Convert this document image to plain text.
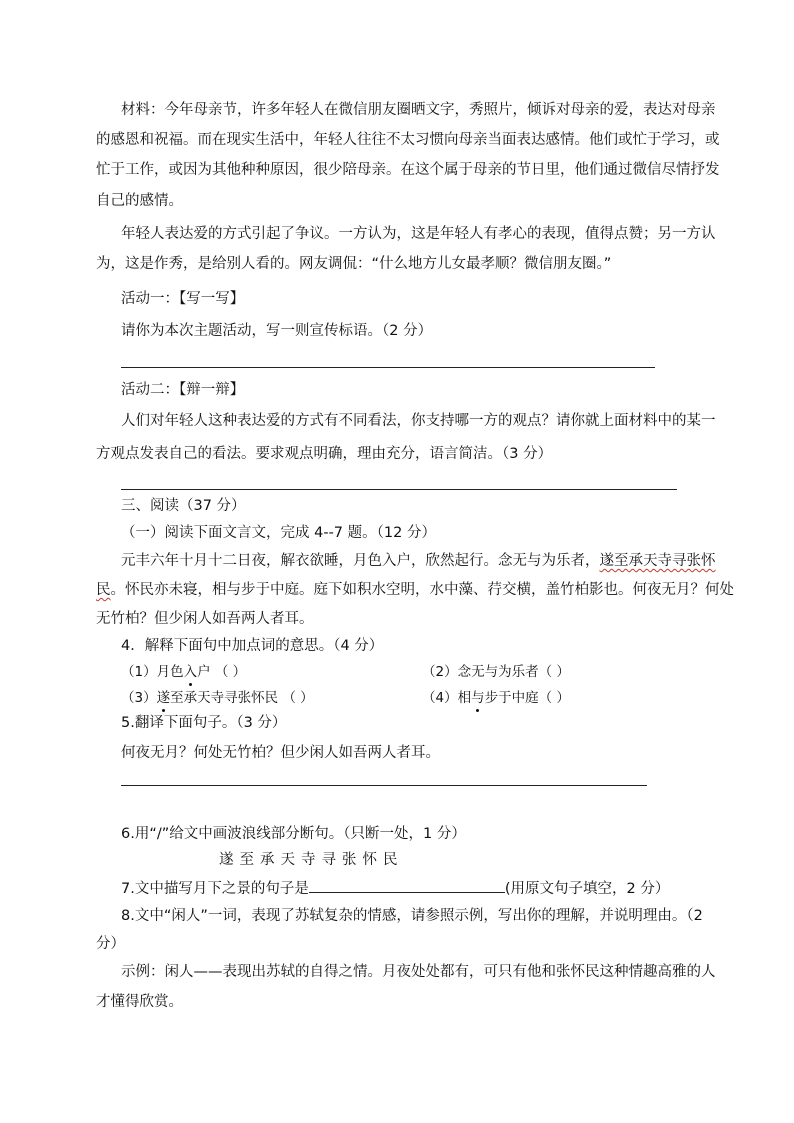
材料：今年母亲节，许多年轻人在微信朋友圈晒文字，秀照片，倾诉对母亲的爱，表达对母亲
的感恩和祝福。而在现实生活中，年轻人往往不太习惯向母亲当面表达感情。他们或忙于学习，或
忙于工作，或因为其他种种原因，很少陪母亲。在这个属于母亲的节日里，他们通过微信尽情抒发
自己的感情。
年轻人表达爱的方式引起了争议。一方认为，这是年轻人有孝心的表现，值得点赞；另一方认
为，这是作秀，是给别人看的。网友调侃：“什么地方儿女最孝顺？微信朋友圈。”
活动一：【写一写】
请你为本次主题活动，写一则宣传标语。（2 分）
活动二：【辩一辩】
人们对年轻人这种表达爱的方式有不同看法，你支持哪一方的观点？请你就上面材料中的某一
方观点发表自己的看法。要求观点明确，理由充分，语言简洁。（3 分）
三、阅读（37 分）
（一）阅读下面文言文，完成 4--7 题。（12 分）
元丰六年十月十二日夜，解衣欲睡，月色入户，欣然起行。念无与为乐者，遂至承天寺寻张怀
民。怀民亦未寝，相与步于中庭。庭下如积水空明，水中藻、荇交横，盖竹柏影也。何夜无月？何处
无竹柏？但少闲人如吾两人者耳。
4．解释下面句中加点词的意思。（4 分）
（1）月色入户 （ ）	（2）念无与为乐者（ ）
（3）遂至承天寺寻张怀民 （ ）	（4）相与步于中庭（ ）
5.翻译下面句子。（3 分）
何夜无月？何处无竹柏？但少闲人如吾两人者耳。
6.用“/”给文中画波浪线部分断句。（只断一处，1 分）
遂至承天寺寻张怀民
7.文中描写月下之景的句子是	(用原文句子填空，2 分）
8.文中“闲人”一词，表现了苏轼复杂的情感，请参照示例，写出你的理解，并说明理由。（2
分）
示例：闲人——表现出苏轼的自得之情。月夜处处都有，可只有他和张怀民这种情趣高雅的人
才懂得欣赏。
